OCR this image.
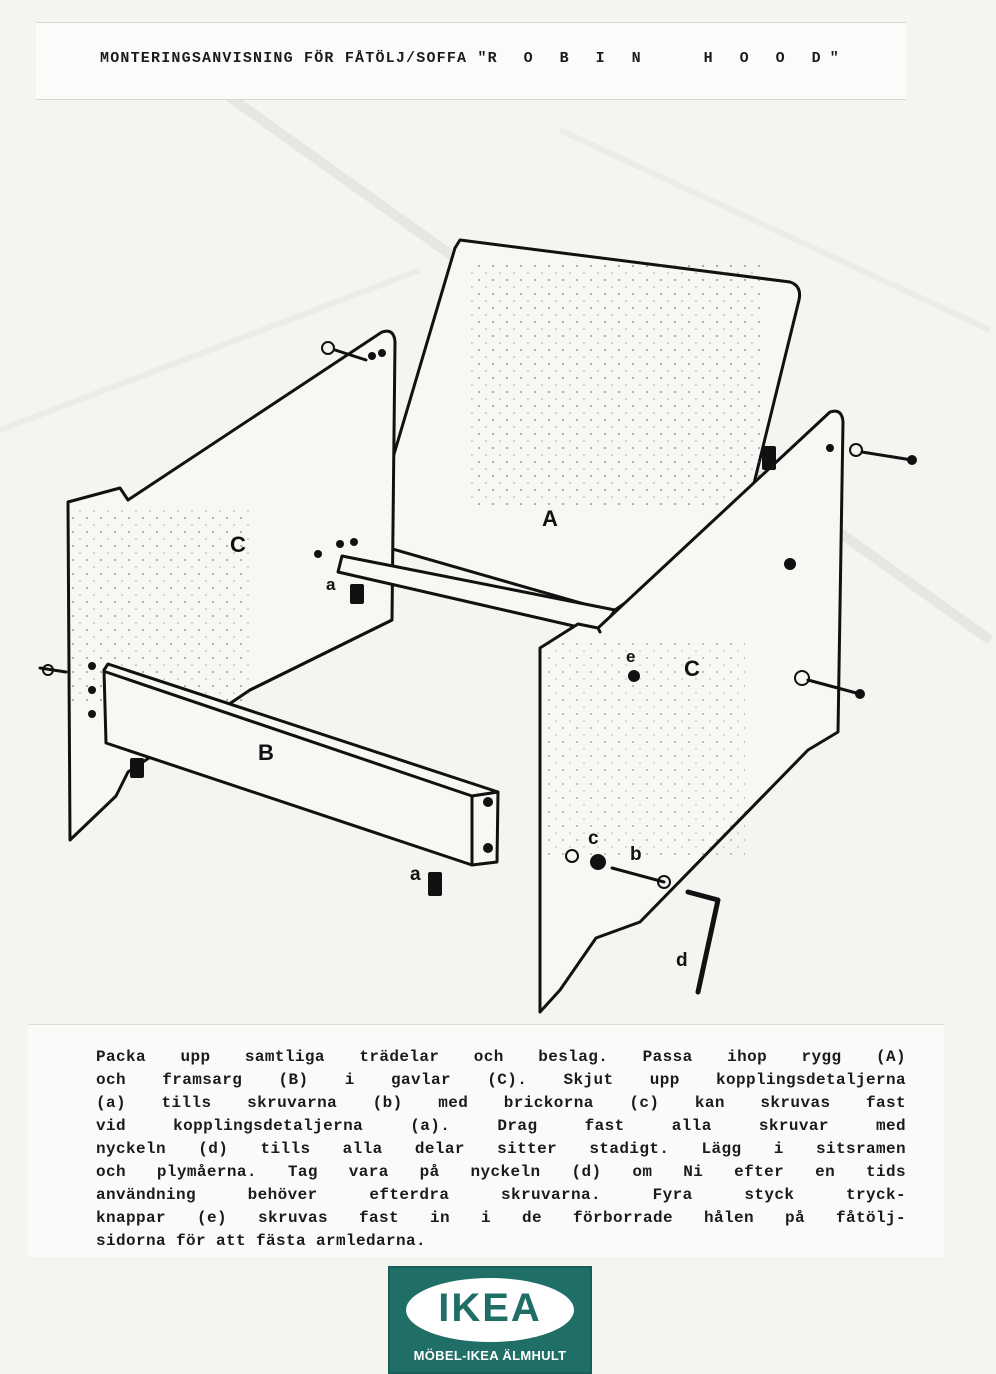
MONTERINGSANVISNING FÖR FÅTÖLJ/SOFFA "R O B I N   H O O D"
A
B
C
C
a
a
b
c
d
e
Packa upp samtliga trädelar och beslag. Passa ihop rygg (A)
och framsarg (B) i gavlar (C). Skjut upp kopplingsdetaljerna
(a) tills skruvarna (b) med brickorna (c) kan skruvas fast
vid kopplingsdetaljerna (a). Drag fast alla skruvar med
nyckeln (d) tills alla delar sitter stadigt. Lägg i sitsramen
och plymåerna. Tag vara på nyckeln (d) om Ni efter en tids
användning behöver efterdra skruvarna. Fyra styck tryck-
knappar (e) skruvas fast in i de förborrade hålen på fåtölj-
sidorna för att fästa armledarna.
IKEA
MÖBEL-IKEA ÄLMHULT
